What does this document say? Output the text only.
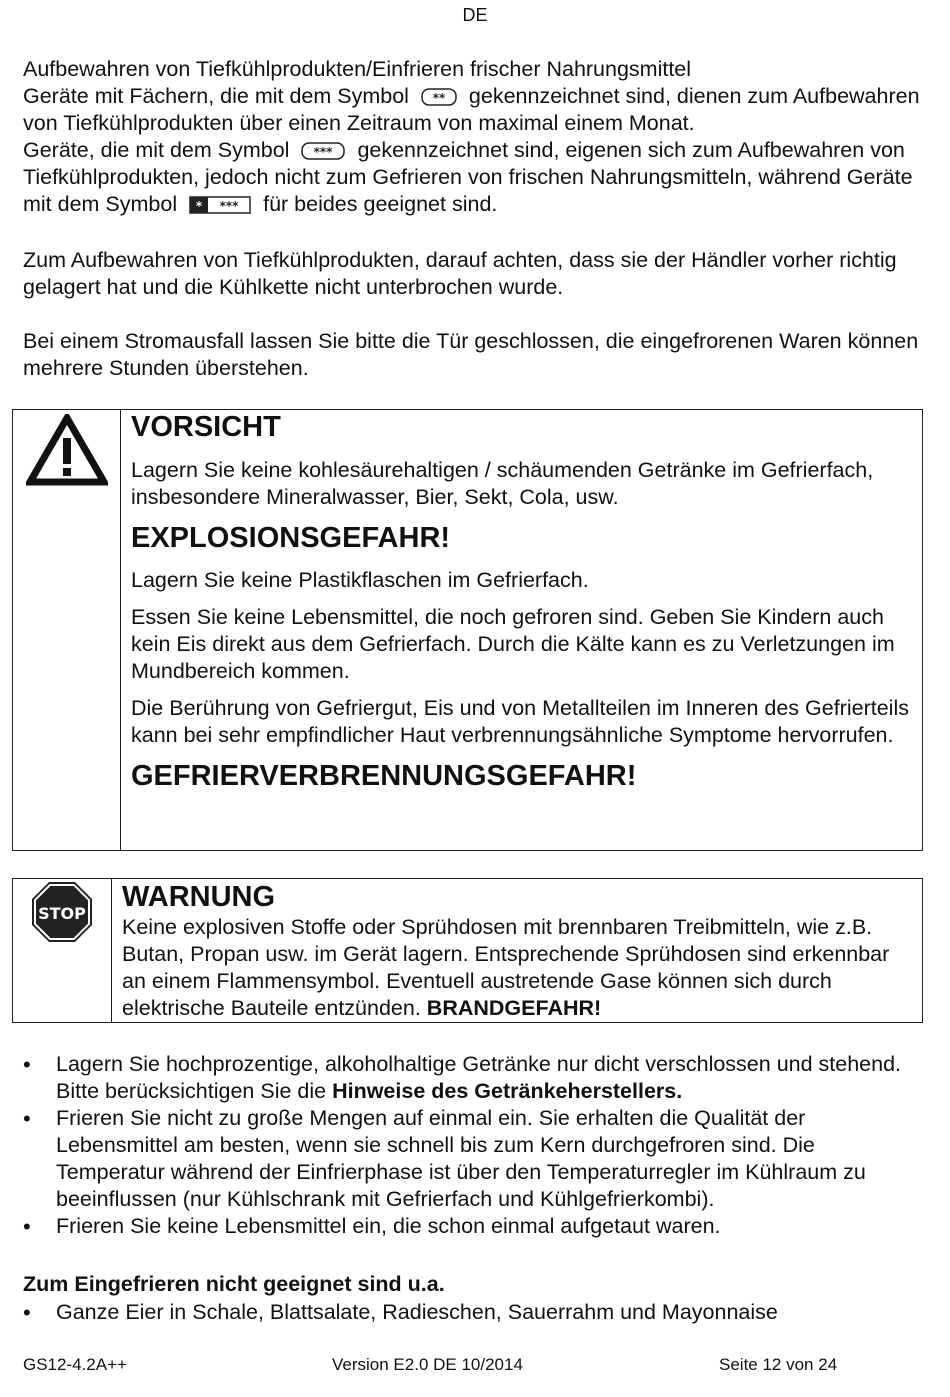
DE

Aufbewahren von Tiefkühlprodukten/Einfrieren frischer Nahrungsmittel
Geräte mit Fächern, die mit dem Symbol ** gekennzeichnet sind, dienen zum Aufbewahren von Tiefkühlprodukten über einen Zeitraum von maximal einem Monat.
Geräte, die mit dem Symbol *** gekennzeichnet sind, eigenen sich zum Aufbewahren von Tiefkühlprodukten, jedoch nicht zum Gefrieren von frischen Nahrungsmitteln, während Geräte mit dem Symbol * *** für beides geeignet sind.

Zum Aufbewahren von Tiefkühlprodukten, darauf achten, dass sie der Händler vorher richtig gelagert hat und die Kühlkette nicht unterbrochen wurde.

Bei einem Stromausfall lassen Sie bitte die Tür geschlossen, die eingefrorenen Waren können mehrere Stunden überstehen.

VORSICHT

Lagern Sie keine kohlesäurehaltigen / schäumenden Getränke im Gefrierfach, insbesondere Mineralwasser, Bier, Sekt, Cola, usw.

EXPLOSIONSGEFAHR!

Lagern Sie keine Plastikflaschen im Gefrierfach.

Essen Sie keine Lebensmittel, die noch gefroren sind. Geben Sie Kindern auch kein Eis direkt aus dem Gefrierfach. Durch die Kälte kann es zu Verletzungen im Mundbereich kommen.

Die Berührung von Gefriergut, Eis und von Metallteilen im Inneren des Gefrierteils kann bei sehr empfindlicher Haut verbrennungsähnliche Symptome hervorrufen.

GEFRIERVERBRENNUNGSGEFAHR!
STOP
WARNUNG

Keine explosiven Stoffe oder Sprühdosen mit brennbaren Treibmitteln, wie z.B. Butan, Propan usw. im Gerät lagern. Entsprechende Sprühdosen sind erkennbar an einem Flammensymbol. Eventuell austretende Gase können sich durch elektrische Bauteile entzünden. BRANDGEFAHR!

• Lagern Sie hochprozentige, alkoholhaltige Getränke nur dicht verschlossen und stehend. Bitte berücksichtigen Sie die Hinweise des Getränkeherstellers.
• Frieren Sie nicht zu große Mengen auf einmal ein. Sie erhalten die Qualität der Lebensmittel am besten, wenn sie schnell bis zum Kern durchgefroren sind. Die Temperatur während der Einfrierphase ist über den Temperaturregler im Kühlraum zu beeinflussen (nur Kühlschrank mit Gefrierfach und Kühlgefrierkombi).
• Frieren Sie keine Lebensmittel ein, die schon einmal aufgetaut waren.

Zum Eingefrieren nicht geeignet sind u.a.

• Ganze Eier in Schale, Blattsalate, Radieschen, Sauerrahm und Mayonnaise
GS12-4.2A++	Version E2.0 DE 10/2014	Seite 12 von 24
